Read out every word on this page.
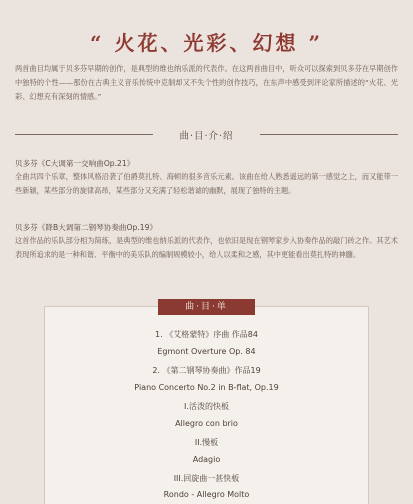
“ 火花、光彩、幻想 ”
两首曲目均属于贝多芬早期的创作，是典型的维也纳乐派的代表作。在这两首曲目中，听众可以探索到贝多芬在早期创作中独特的个性——那份在古典主义音乐传统中克制却又不失个性的创作技巧，在东声中感受到评论家所描述的“火花、光彩、幻想充有深刻的情感。”
曲·目·介·绍
贝多芬《C大调第一交响曲Op.21》
全曲共四个乐章，整体风格沿袭了伯爵莫扎特、海顿的很多音乐元素。该曲在给人熟悉遥远的第一感觉之上，而又能带一些新颖，某些部分的旋律高昂，某些部分又充满了轻松谐谑的幽默，展现了独特的主题。
贝多芬《降B大调第二钢琴协奏曲Op.19》
这首作品的乐队部分相为简练，是典型的维也纳乐派的代表作，也依旧是现在钢琴家步入协奏作品的敲门砖之作。其艺术表现所追求的是一种和谐、平衡中的美乐队的编制规模较小，给人以柔和之感，其中更能看出莫扎特的神髓。
曲·目·单
1. 《艾格蒙特》序曲 作品84
Egmont Overture Op. 84
2. 《第二钢琴协奏曲》作品19
Piano Concerto No.2 in B-flat, Op.19
I.活泼的快板
Allegro con brio
II.慢板
Adagio
III.回旋曲一甚快板
Rondo - Allegro Molto
